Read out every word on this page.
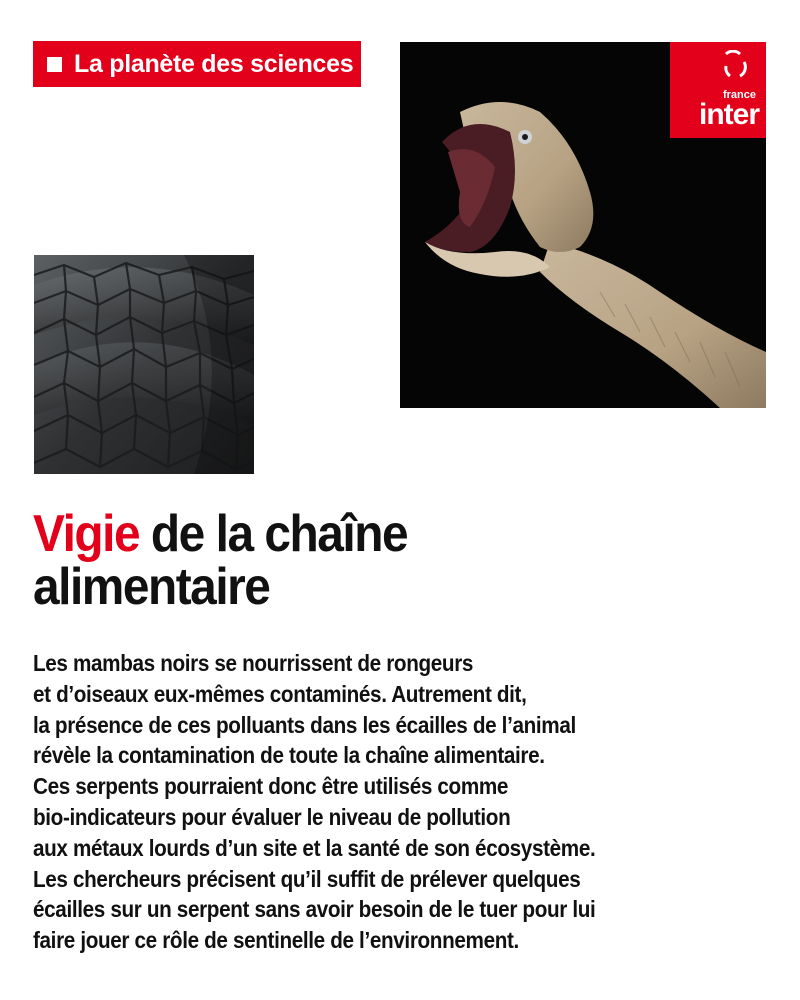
La planète des sciences
france
inter
Vigie de la chaîne
alimentaire

Les mambas noirs se nourrissent de rongeurs
et d’oiseaux eux-mêmes contaminés. Autrement dit,
la présence de ces polluants dans les écailles de l’animal
révèle la contamination de toute la chaîne alimentaire.
Ces serpents pourraient donc être utilisés comme
bio-indicateurs pour évaluer le niveau de pollution
aux métaux lourds d’un site et la santé de son écosystème.
Les chercheurs précisent qu’il suffit de prélever quelques
écailles sur un serpent sans avoir besoin de le tuer pour lui
faire jouer ce rôle de sentinelle de l’environnement.
